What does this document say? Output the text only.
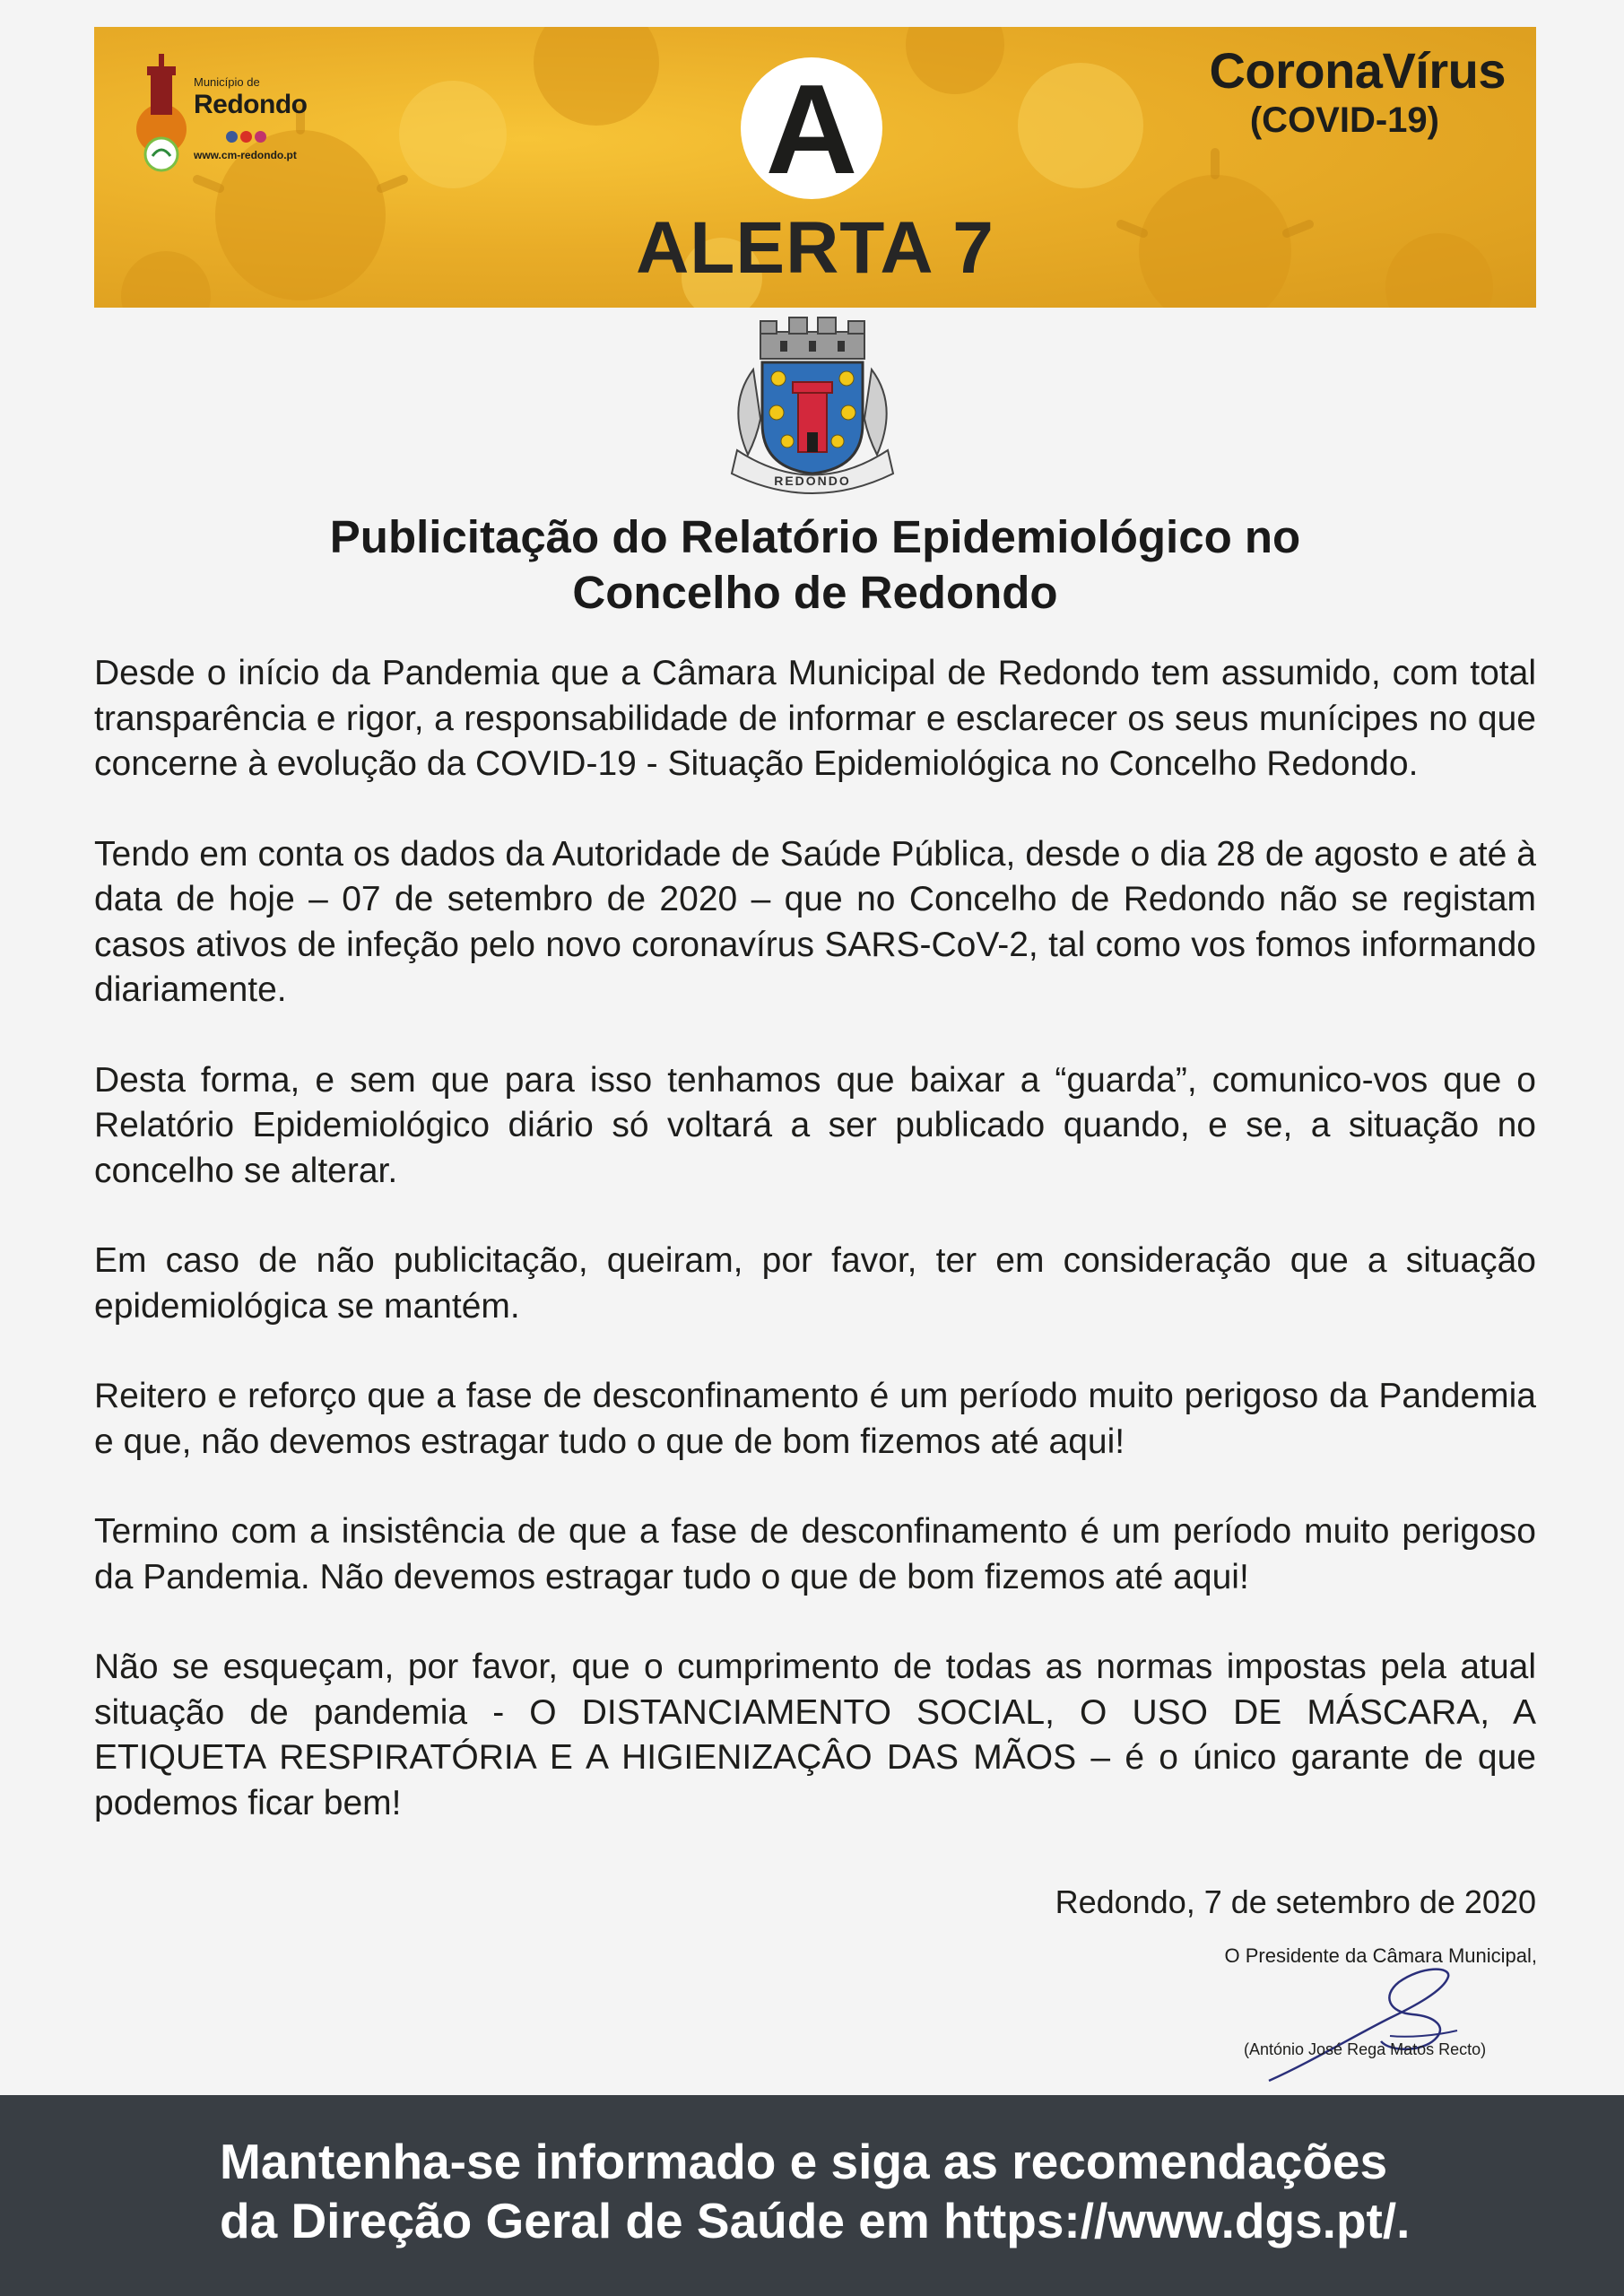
Município de
Redondo
www.cm-redondo.pt	A
ALERTA 7
CoronaVírus
(COVID-19)
REDONDO
Publicitação do Relatório Epidemiológico no
Concelho de Redondo

Desde o início da Pandemia que a Câmara Municipal de Redondo tem assumido, com total transparência e rigor, a responsabilidade de informar e esclarecer os seus munícipes no que concerne à evolução da COVID-19 - Situação Epidemiológica no Concelho Redondo.

Tendo em conta os dados da Autoridade de Saúde Pública, desde o dia 28 de agosto e até à data de hoje – 07 de setembro de 2020 – que no Concelho de Redondo não se registam casos ativos de infeção pelo novo coronavírus SARS-CoV-2, tal como vos fomos informando diariamente.

Desta forma, e sem que para isso tenhamos que baixar a “guarda”, comunico-vos que o Relatório Epidemiológico diário só voltará a ser publicado quando, e se, a situação no concelho se alterar.

Em caso de não publicitação, queiram, por favor, ter em consideração que a situação epidemiológica se mantém.

Reitero e reforço que a fase de desconfinamento é um período muito perigoso da Pandemia e que, não devemos estragar tudo o que de bom fizemos até aqui!

Termino com a insistência de que a fase de desconfinamento é um período muito perigoso da Pandemia. Não devemos estragar tudo o que de bom fizemos até aqui!

Não se esqueçam, por favor, que o cumprimento de todas as normas impostas pela atual situação de pandemia - O DISTANCIAMENTO SOCIAL, O USO DE MÁSCARA, A ETIQUETA RESPIRATÓRIA E A HIGIENIZAÇÂO DAS MÃOS – é o único garante de que podemos ficar bem!

Redondo, 7 de setembro de 2020
O Presidente da Câmara Municipal,
(António José Rega Matos Recto)
Mantenha-se informado e siga as recomendações
da Direção Geral de Saúde em https://www.dgs.pt/.
